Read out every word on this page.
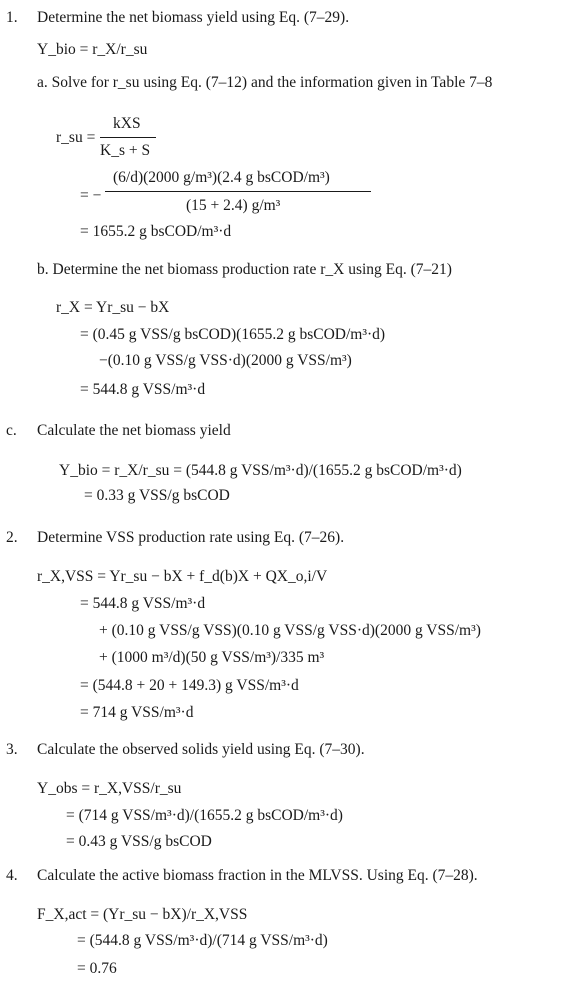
1. Determine the net biomass yield using Eq. (7–29).
Y_bio = r_X/r_su
a. Solve for r_su using Eq. (7–12) and the information given in Table 7–8
r_su =
kXS
K_s + S
= −
(6/d)(2000 g/m³)(2.4 g bsCOD/m³)
(15 + 2.4) g/m³
= 1655.2 g bsCOD/m³·d
b. Determine the net biomass production rate r_X using Eq. (7–21)
r_X = Yr_su − bX
= (0.45 g VSS/g bsCOD)(1655.2 g bsCOD/m³·d)
−(0.10 g VSS/g VSS·d)(2000 g VSS/m³)
= 544.8 g VSS/m³·d
c. Calculate the net biomass yield
Y_bio = r_X/r_su = (544.8 g VSS/m³·d)/(1655.2 g bsCOD/m³·d)
= 0.33 g VSS/g bsCOD
2. Determine VSS production rate using Eq. (7–26).
r_X,VSS = Yr_su − bX + f_d(b)X + QX_o,i/V
= 544.8 g VSS/m³·d
+ (0.10 g VSS/g VSS)(0.10 g VSS/g VSS·d)(2000 g VSS/m³)
+ (1000 m³/d)(50 g VSS/m³)/335 m³
= (544.8 + 20 + 149.3) g VSS/m³·d
= 714 g VSS/m³·d
3. Calculate the observed solids yield using Eq. (7–30).
Y_obs = r_X,VSS/r_su
= (714 g VSS/m³·d)/(1655.2 g bsCOD/m³·d)
= 0.43 g VSS/g bsCOD
4. Calculate the active biomass fraction in the MLVSS. Using Eq. (7–28).
F_X,act = (Yr_su − bX)/r_X,VSS
= (544.8 g VSS/m³·d)/(714 g VSS/m³·d)
= 0.76
